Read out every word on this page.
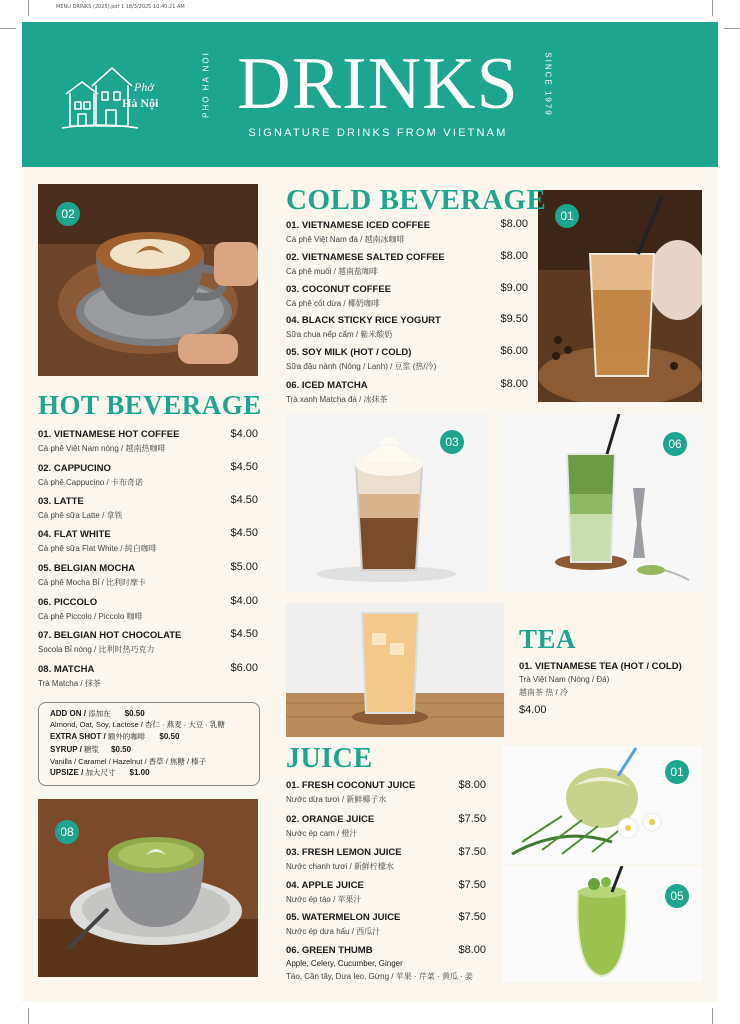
MENU DRINKS (2025).pdf 1 18/3/2025 10:40:21 AM
Phở
Hà Nội	PHO HA NOI	SINCE 1979
DRINKS
SIGNATURE DRINKS FROM VIETNAM
02	01
03	06
08
01
05
COLD BEVERAGE
01. VIETNAMESE ICED COFFEE
Cà phê Việt Nam đá / 越南冰咖啡
$8.00
02. VIETNAMESE SALTED COFFEE
Cà phê muối / 越南盐咖啡
$8.00
03. COCONUT COFFEE
Cà phê cốt dừa / 椰奶咖啡
$9.00
04. BLACK STICKY RICE YOGURT
Sữa chua nếp cẩm / 紫米酸奶
$9.50
05. SOY MILK (HOT / COLD)
Sữa đậu nành (Nóng / Lạnh) / 豆浆 (热/冷)
$6.00
06. ICED MATCHA
Trà xanh Matcha đá / 冰抹茶
$8.00
HOT BEVERAGE
01. VIETNAMESE HOT COFFEE
Cà phê Việt Nam nóng / 越南热咖啡
$4.00
02. CAPPUCINO
Cà phê Cappucino / 卡布奇诺
$4.50
03. LATTE
Cà phê sữa Latte / 拿铁
$4.50
04. FLAT WHITE
Cà phê sữa Flat White / 純白咖啡
$4.50
05. BELGIAN MOCHA
Cà phê Mocha Bỉ / 比利时摩卡
$5.00
06. PICCOLO
Cà phê Piccolo / Piccolo 咖啡
$4.00
07. BELGIAN HOT CHOCOLATE
Socola Bỉ nóng / 比利时热巧克力
$4.50
08. MATCHA
Trà Matcha / 抹茶
$6.00
ADD ON / 添加在 $0.50
Almond, Oat, Soy, Lactose / 杏仁 · 燕麦 · 大豆 · 乳糖
EXTRA SHOT / 额外的咖啡 $0.50
SYRUP / 糖浆 $0.50
Vanilla / Caramel / Hazelnut / 香草 / 焦糖 / 榛子
UPSIZE / 加大尺寸 $1.00
TEA
01. VIETNAMESE TEA (HOT / COLD)
Trà Việt Nam (Nóng / Đá)
越南茶 热 / 冷
$4.00
JUICE
01. FRESH COCONUT JUICE
Nước dừa tươi / 新鲜椰子水
$8.00
02. ORANGE JUICE
Nước ép cam / 橙汁
$7.50
03. FRESH LEMON JUICE
Nước chanh tươi / 新鲜柠檬水
$7.50
04. APPLE JUICE
Nước ép táo / 苹果汁
$7.50
05. WATERMELON JUICE
Nước ép dưa hấu / 西瓜汁
$7.50
06. GREEN THUMB
Apple, Celery, Cucumber, Ginger
Táo, Cần tây, Dưa leo, Gừng / 苹果 · 芹菜 · 黄瓜 · 姜
$8.00
